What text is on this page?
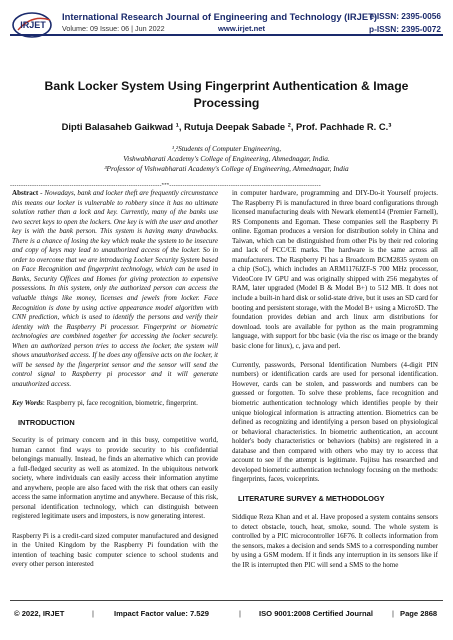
IRJET
International Research Journal of Engineering and Technology (IRJET)
e-ISSN: 2395-0056
Volume: 09 Issue: 06 | Jun 2022	www.irjet.net	p-ISSN: 2395-0072
Bank Locker System Using Fingerprint Authentication & Image Processing
Dipti Balasaheb Gaikwad ¹, Rutuja Deepak Sabade ², Prof. Pachhade R. C.³
¹,²Students of Computer Engineering,
Vishwabharati Academy's College of Engineering, Ahmednagar, India.
³Professor of Vishwabharati Academy's College of Engineering, Ahmednagar, India
---------------------------------------------------------------------***---------------------------------------------------------------------

Abstract - Nowadays, bank and locker theft are frequently circumstance this means our locker is vulnerable to robbery since it has no ultimate solution rather than a lock and key. Currently, many of the banks use two secret keys to open the lockers. One key is with the user and another key is with the bank person. This system is having many drawbacks. There is a chance of losing the key which make the system to be insecure and copy of keys may lead to unauthorized access of the locker. So in order to overcome that we are introducing Locker Security System based on Face Recognition and fingerprint technology, which can be used in Banks, Security Offices and Homes for giving protection to expensive possessions. In this system, only the authorized person can access the valuable things like money, licenses and jewels from locker. Face Recognition is done by using active appearance model algorithm with CNN prediction, which is used to identify the persons and verify their identity with the Raspberry Pi processor. Fingerprint or biometric technologies are combined together for accessing the locker securely. When an authorized person tries to access the locker, the system will shows unauthorised access. If he does any offensive acts on the locker, it will be sensed by the fingerprint sensor and the sensor will send the control signal to Raspberry pi processor and it will generate unauthorized access.

Key Words: Raspberry pi, face recognition, biometric, fingerprint.

INTRODUCTION

Security is of primary concern and in this busy, competitive world, human cannot find ways to provide security to his confidential belongings manually. Instead, he finds an alternative which can provide a full-fledged security as well as atomized. In the ubiquitous network society, where individuals can easily access their information anytime and anywhere, people are also faced with the risk that others can easily access the same information anytime and anywhere. Because of this risk, personal identification technology, which can distinguish between registered legitimate users and imposters, is now generating interest.

Raspberry Pi is a credit-card sized computer manufactured and designed in the United Kingdom by the Raspberry Pi foundation with the intention of teaching basic computer science to school students and every other person interested

in computer hardware, programming and DIY-Do-it Yourself projects. The Raspberry Pi is manufactured in three board configurations through licensed manufacturing deals with Newark element14 (Premier Farnell), RS Components and Egoman. These companies sell the Raspberry Pi online. Egoman produces a version for distribution solely in China and Taiwan, which can be distinguished from other Pis by their red coloring and lack of FCC/CE marks. The hardware is the same across all manufacturers. The Raspberry Pi has a Broadcom BCM2835 system on a chip (SoC), which includes an ARM1176JZF-S 700 MHz processor, VideoCore IV GPU and was originally shipped with 256 megabytes of RAM, later upgraded (Model B & Model B+) to 512 MB. It does not include a built-in hard disk or solid-state drive, but it uses an SD card for booting and persistent storage, with the Model B+ using a MicroSD. The foundation provides debian and arch linux arm distributions for download. tools are available for python as the main programming language, with support for bbc basic (via the risc os image or the brandy basic clone for linux), c, java and perl.

Currently, passwords, Personal Identification Numbers (4-digit PIN numbers) or identification cards are used for personal identification. However, cards can be stolen, and passwords and numbers can be guessed or forgotten. To solve these problems, face recognition and biometric authentication technology which identifies people by their unique biological information is attracting attention. Biometrics can be defined as recognizing and identifying a person based on physiological or behavioral characteristics. In biometric authentication, an account holder's body characteristics or behaviors (habits) are registered in a database and then compared with others who may try to access that account to see if the attempt is legitimate. Fujitsu has researched and developed biometric authentication technology focusing on the methods: fingerprints, faces, voiceprints.

LITERATURE SURVEY & METHODOLOGY

Siddique Reza Khan and et al. Have proposed a system contains sensors to detect obstacle, touch, heat, smoke, sound. The whole system is controlled by a PIC microcontroller 16F76. It collects information from the sensors, makes a decision and sends SMS to a corresponding number by using a GSM modem. If it finds any interruption in its sensors like if the IR is interrupted then PIC will send a SMS to the home

© 2022, IRJET	|	Impact Factor value: 7.529	| ISO 9001:2008 Certified Journal	| Page 2868
